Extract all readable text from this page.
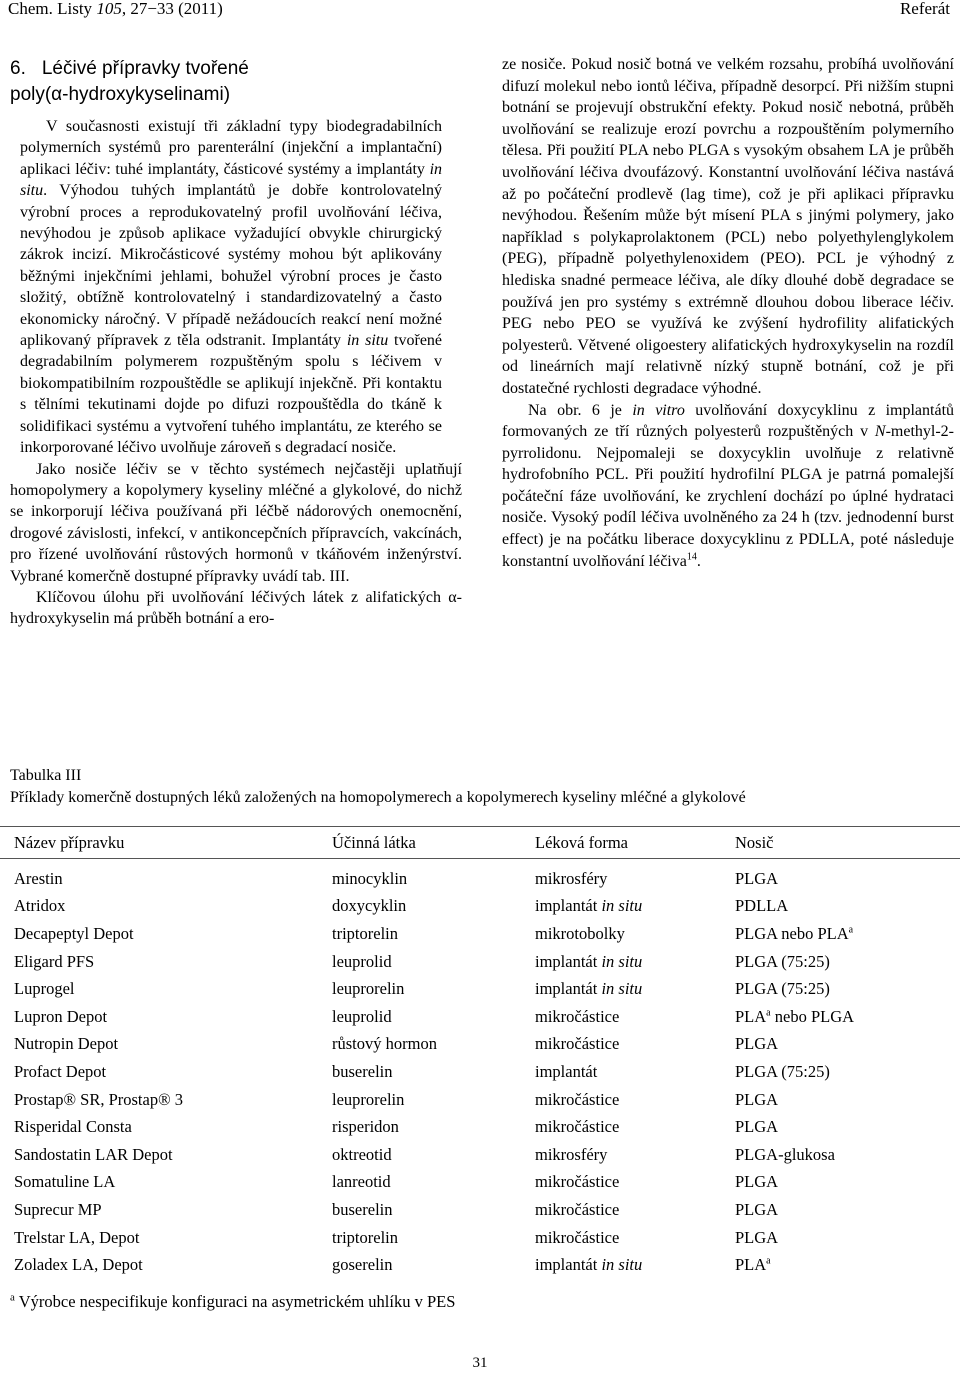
Chem. Listy 105, 27−33 (2011)	Referát
6. Léčivé přípravky tvořené
poly(α-hydroxykyselinami)

V současnosti existují tři základní typy biodegradabilních polymerních systémů pro parenterální (injekční a implantační) aplikaci léčiv: tuhé implantáty, částicové systémy a implantáty in situ. Výhodou tuhých implantátů je dobře kontrolovatelný výrobní proces a reprodukovatelný profil uvolňování léčiva, nevýhodou je způsob aplikace vyžadující obvykle chirurgický zákrok incizí. Mikročásticové systémy mohou být aplikovány běžnými injekčními jehlami, bohužel výrobní proces je často složitý, obtížně kontrolovatelný i standardizovatelný a často ekonomicky náročný. V případě nežádoucích reakcí není možné aplikovaný přípravek z těla odstranit. Implantáty in situ tvořené degradabilním polymerem rozpuštěným spolu s léčivem v biokompatibilním rozpouštědle se aplikují injekčně. Při kontaktu s tělními tekutinami dojde po difuzi rozpouštědla do tkáně k solidifikaci systému a vytvoření tuhého implantátu, ze kterého se inkorporované léčivo uvolňuje zároveň s degradací nosiče.

Jako nosiče léčiv se v těchto systémech nejčastěji uplatňují homopolymery a kopolymery kyseliny mléčné a glykolové, do nichž se inkorporují léčiva používaná při léčbě nádorových onemocnění, drogové závislosti, infekcí, v antikoncepčních přípravcích, vakcínách, pro řízené uvolňování růstových hormonů v tkáňovém inženýrství. Vybrané komerčně dostupné přípravky uvádí tab. III.

Klíčovou úlohu při uvolňování léčivých látek z alifatických α-hydroxykyselin má průběh botnání a ero-

ze nosiče. Pokud nosič botná ve velkém rozsahu, probíhá uvolňování difuzí molekul nebo iontů léčiva, případně desorpcí. Při nižším stupni botnání se projevují obstrukční efekty. Pokud nosič nebotná, průběh uvolňování se realizuje erozí povrchu a rozpouštěním polymerního tělesa. Při použití PLA nebo PLGA s vysokým obsahem LA je průběh uvolňování léčiva dvoufázový. Konstantní uvolňování léčiva nastává až po počáteční prodlevě (lag time), což je při aplikaci přípravku nevýhodou. Řešením může být mísení PLA s jinými polymery, jako například s polykaprolaktonem (PCL) nebo polyethylenglykolem (PEG), případně polyethylenoxidem (PEO). PCL je výhodný z hlediska snadné permeace léčiva, ale díky dlouhé době degradace se používá jen pro systémy s extrémně dlouhou dobou liberace léčiv. PEG nebo PEO se využívá ke zvýšení hydrofility alifatických polyesterů. Větvené oligoestery alifatických hydroxykyselin na rozdíl od lineárních mají relativně nízký stupně botnání, což je při dostatečné rychlosti degradace výhodné.

Na obr. 6 je in vitro uvolňování doxycyklinu z implantátů formovaných ze tří různých polyesterů rozpuštěných v N-methyl-2-pyrrolidonu. Nejpomaleji se doxycyklin uvolňuje z relativně hydrofobního PCL. Při použití hydrofilní PLGA je patrná pomalejší počáteční fáze uvolňování, ke zrychlení dochází po úplné hydrataci nosiče. Vysoký podíl léčiva uvolněného za 24 h (tzv. jednodenní burst effect) je na počátku liberace doxycyklinu z PDLLA, poté následuje konstantní uvolňování léčiva$^{14}$.

Tabulka III
Příklady komerčně dostupných léků založených na homopolymerech a kopolymerech kyseliny mléčné a glykolové
Název přípravku	Účinná látka	Léková forma	Nosič

Arestin	minocyklin	mikrosféry	PLGA
Atridox	doxycyklin	implantát in situ	PDLLA
Decapeptyl Depot	triptorelin	mikrotobolky	PLGA nebo PLA$^a$
Eligard PFS	leuprolid	implantát in situ	PLGA (75:25)
Luprogel	leuprorelin	implantát in situ	PLGA (75:25)
Lupron Depot	leuprolid	mikročástice	PLA$^a$ nebo PLGA
Nutropin Depot	růstový hormon	mikročástice	PLGA
Profact Depot	buserelin	implantát	PLGA (75:25)
Prostap® SR, Prostap® 3	leuprorelin	mikročástice	PLGA
Risperidal Consta	risperidon	mikročástice	PLGA
Sandostatin LAR Depot	oktreotid	mikrosféry	PLGA-glukosa
Somatuline LA	lanreotid	mikročástice	PLGA
Suprecur MP	buserelin	mikročástice	PLGA
Trelstar LA, Depot	triptorelin	mikročástice	PLGA
Zoladex LA, Depot	goserelin	implantát in situ	PLA$^a$
$^a$ Výrobce nespecifikuje konfiguraci na asymetrickém uhlíku v PES
31
